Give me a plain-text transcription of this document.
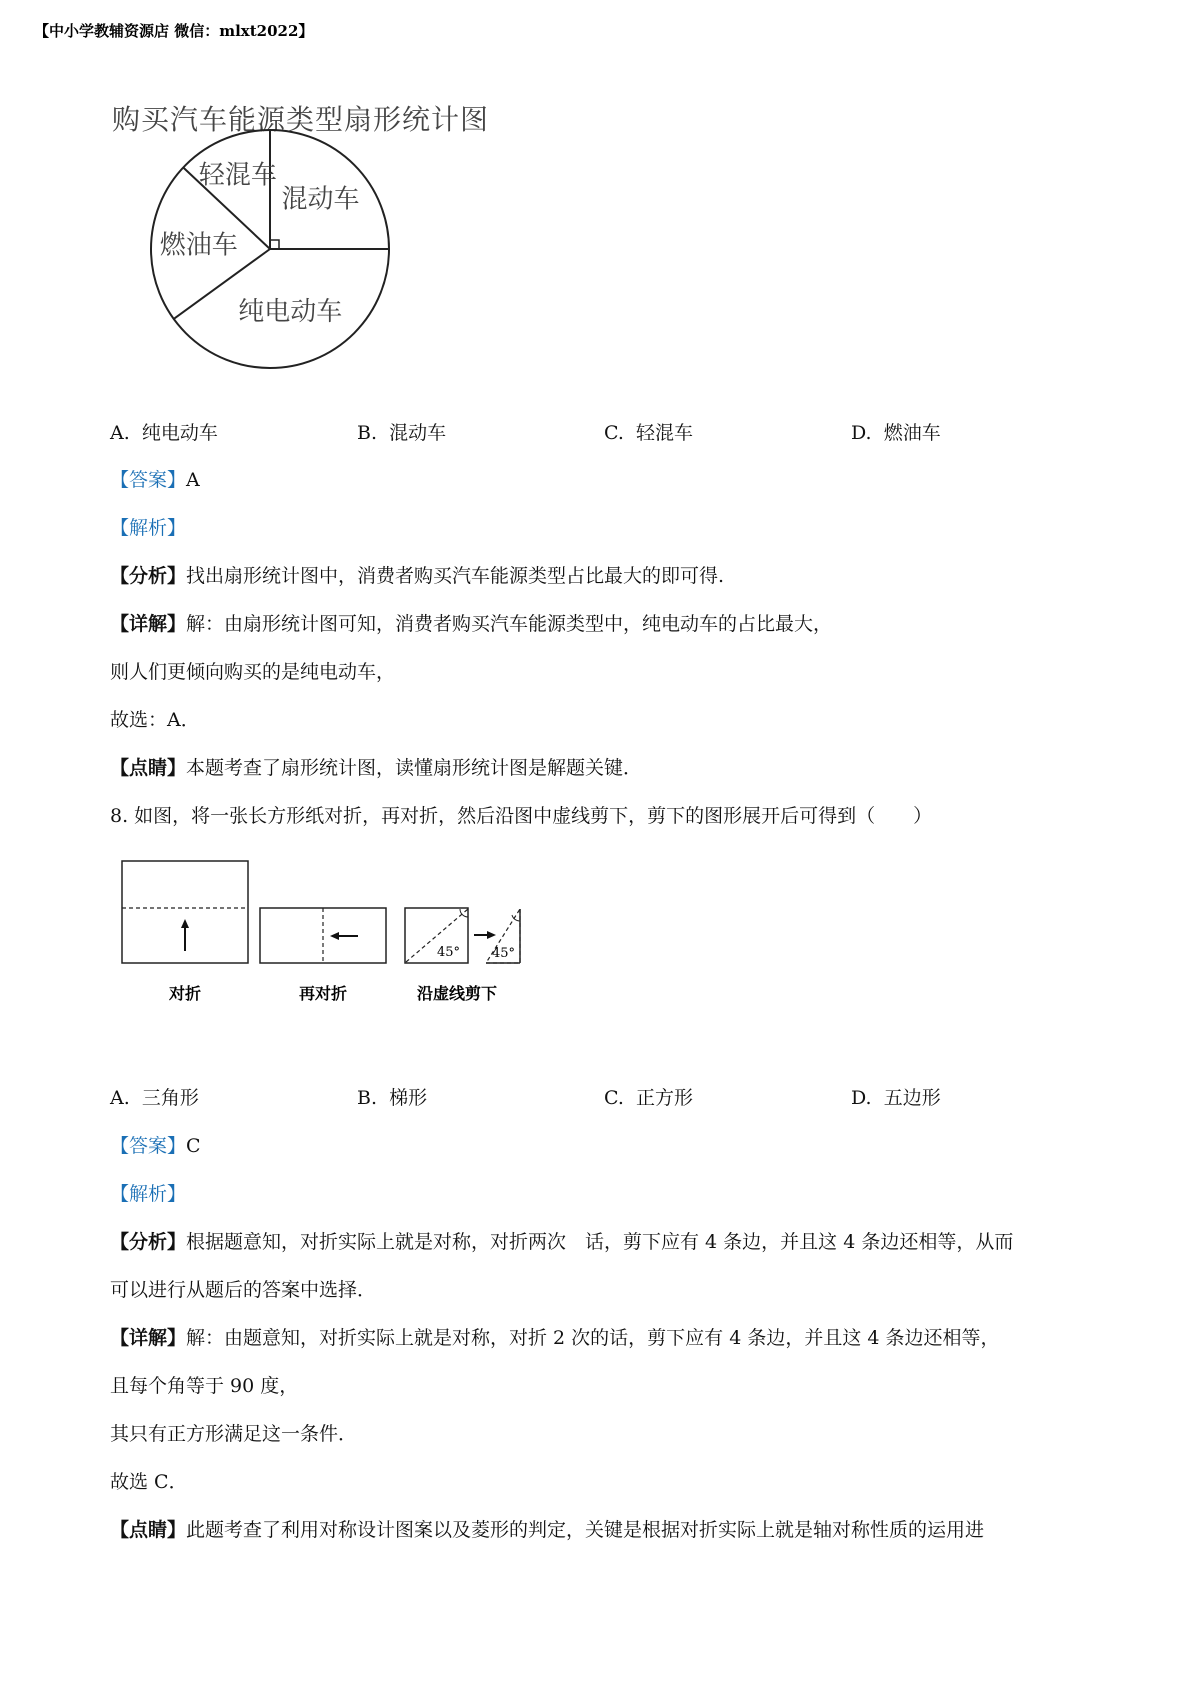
【中小学教辅资源店 微信：mlxt2022】
购买汽车能源类型扇形统计图
混动车
纯电动车
燃油车
轻混车
A. 纯电动车	B. 混动车	C. 轻混车	D. 燃油车
【答案】A
【解析】
【分析】找出扇形统计图中，消费者购买汽车能源类型占比最大的即可得.
【详解】解：由扇形统计图可知，消费者购买汽车能源类型中，纯电动车的占比最大，
则人们更倾向购买的是纯电动车，
故选：A．
【点睛】本题考查了扇形统计图，读懂扇形统计图是解题关键．
8. 如图，将一张长方形纸对折，再对折，然后沿图中虚线剪下，剪下的图形展开后可得到（　　）
45° 45°
对折	再对折	沿虚线剪下
A. 三角形	B. 梯形	C. 正方形	D. 五边形
【答案】C
【解析】
【分析】根据题意知，对折实际上就是对称，对折两次　话，剪下应有 4 条边，并且这 4 条边还相等，从而
可以进行从题后的答案中选择．
【详解】解：由题意知，对折实际上就是对称，对折 2 次的话，剪下应有 4 条边，并且这 4 条边还相等，
且每个角等于 90 度，
其只有正方形满足这一条件．
故选 C．
【点睛】此题考查了利用对称设计图案以及菱形的判定，关键是根据对折实际上就是轴对称性质的运用进
